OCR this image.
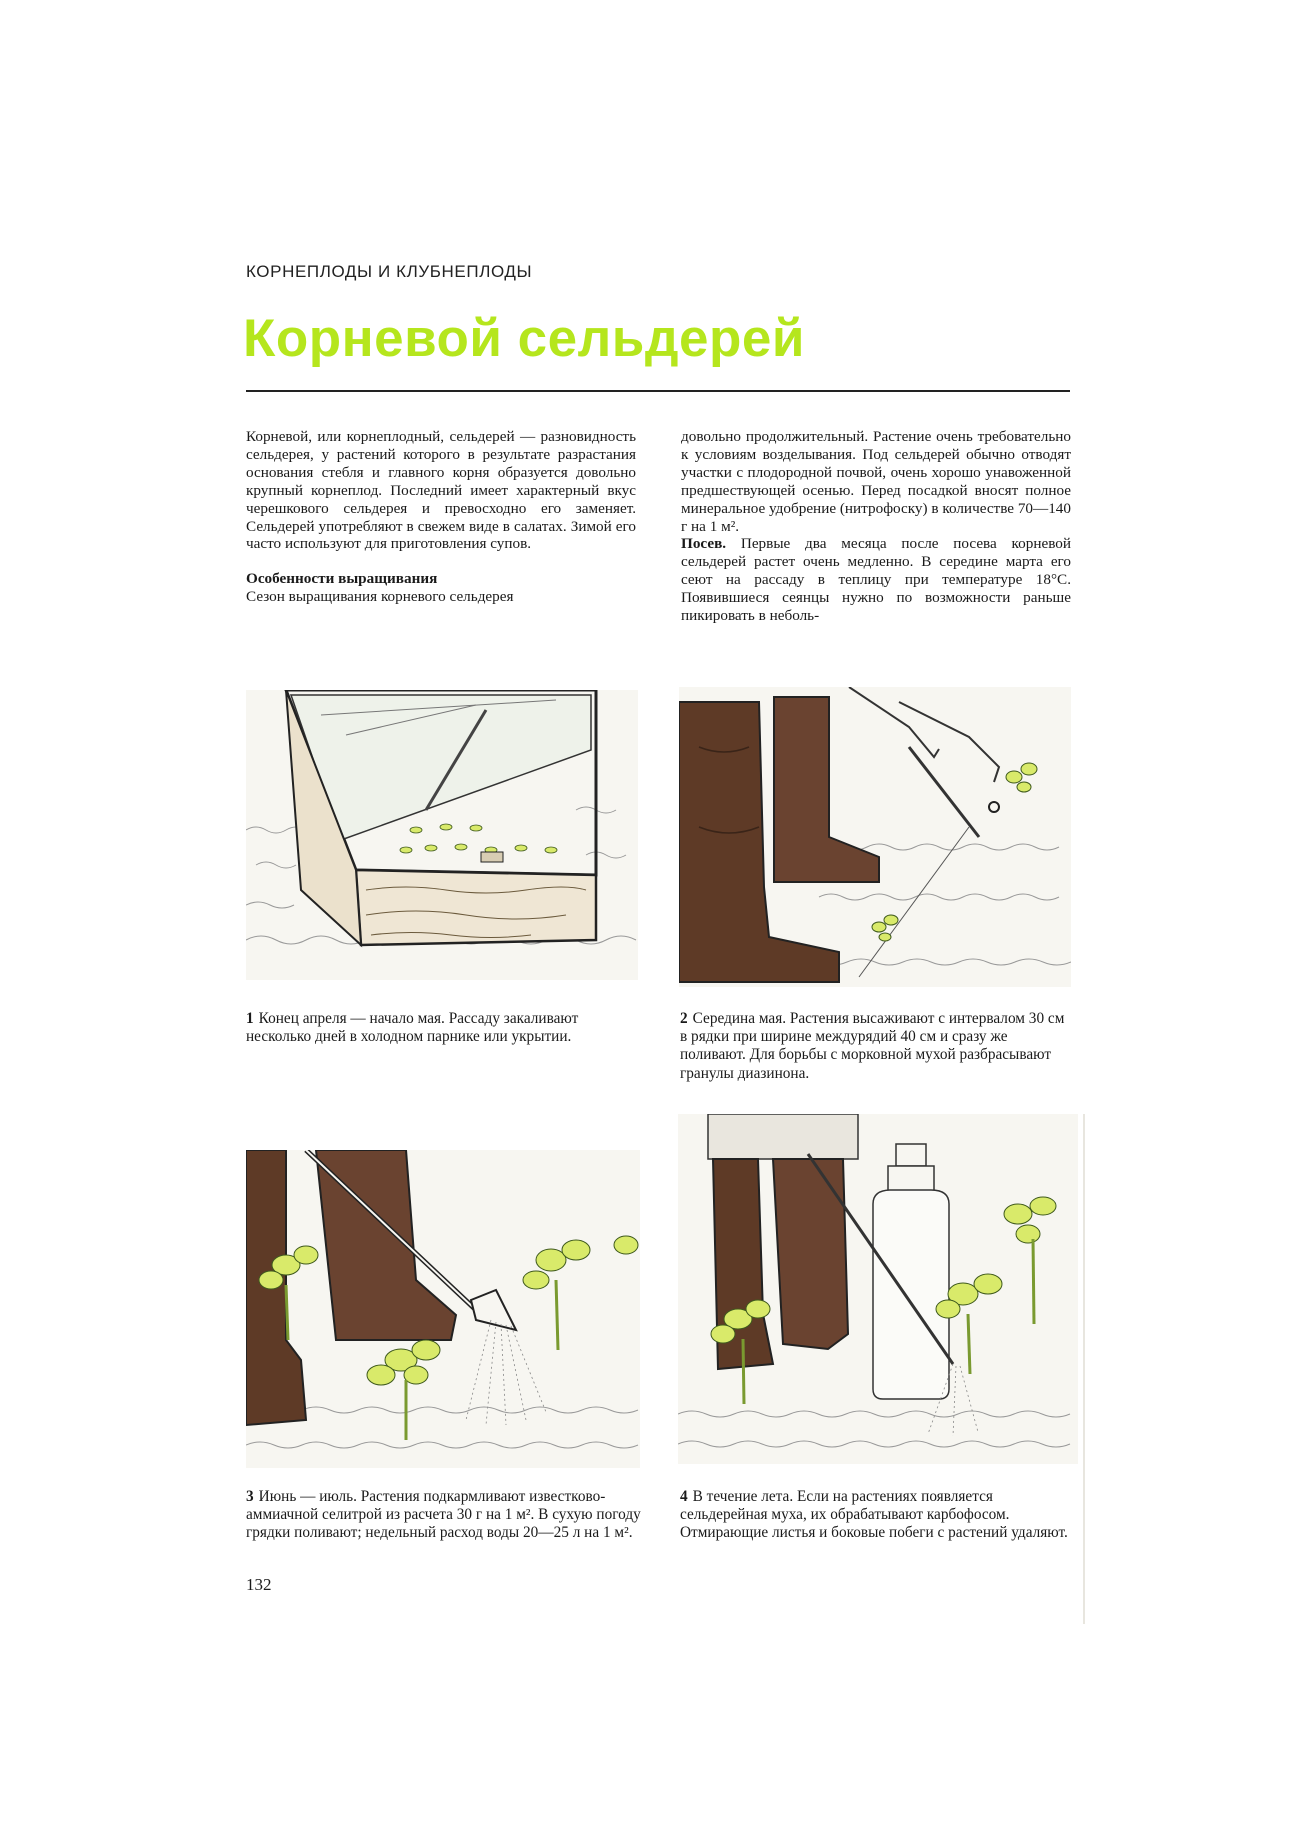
КОРНЕПЛОДЫ И КЛУБНЕПЛОДЫ
Корневой сельдерей

Корневой, или корнеплодный, сельдерей — разновидность сельдерея, у растений которого в результате разрастания основания стебля и главного корня образуется довольно крупный корнеплод. Последний имеет характерный вкус черешкового сельдерея и превосходно его заменяет. Сельдерей употребляют в свежем виде в салатах. Зимой его часто используют для приготовления супов.

Особенности выращивания

Сезон выращивания корневого сельдерея

довольно продолжительный. Растение очень требовательно к условиям возделывания. Под сельдерей обычно отводят участки с плодородной почвой, очень хорошо унавоженной предшествующей осенью. Перед посадкой вносят полное минеральное удобрение (нитрофоску) в количестве 70—140 г на 1 м².

Посев. Первые два месяца после посева корневой сельдерей растет очень медленно. В середине марта его сеют на рассаду в теплицу при температуре 18°С. Появившиеся сеянцы нужно по возможности раньше пикировать в неболь-

1 Конец апреля — начало мая. Рассаду закаливают несколько дней в холодном парнике или укрытии.
2 Середина мая. Растения высаживают с интервалом 30 см в рядки при ширине междурядий 40 см и сразу же поливают. Для борьбы с морковной мухой разбрасывают гранулы диазинона.
3 Июнь — июль. Растения подкармливают известково-аммиачной селитрой из расчета 30 г на 1 м². В сухую погоду грядки поливают; недельный расход воды 20—25 л на 1 м².
4 В течение лета. Если на растениях появляется сельдерейная муха, их обрабатывают карбофосом. Отмирающие листья и боковые побеги с растений удаляют.
132
